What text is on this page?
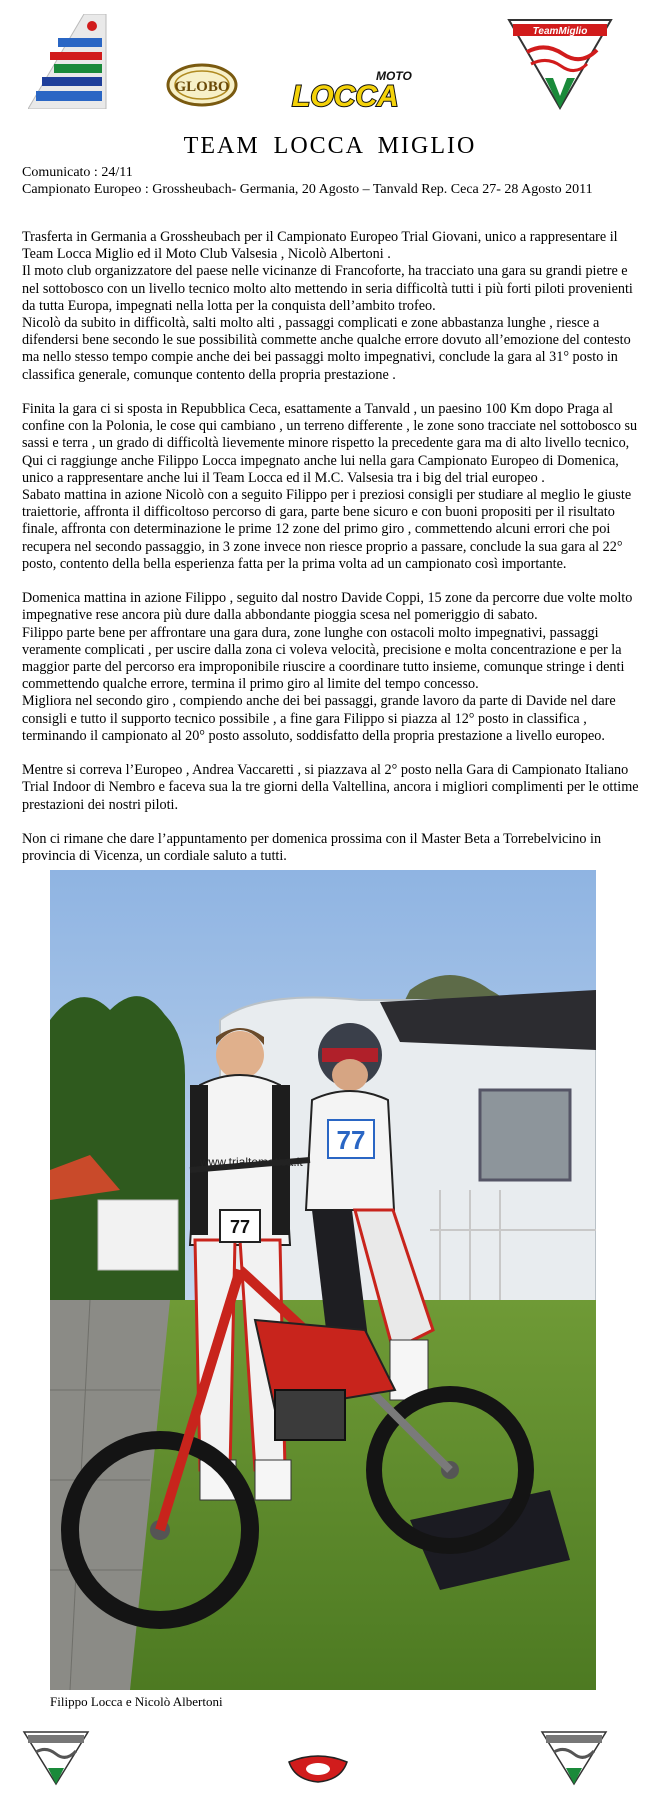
GLOBO
MOTO
LOCCA
TeamMiglio
TEAM LOCCA MIGLIO
Comunicato : 24/11
Campionato Europeo : Grossheubach- Germania, 20 Agosto – Tanvald Rep. Ceca 27- 28 Agosto 2011

Trasferta in Germania a Grossheubach per il Campionato Europeo Trial Giovani, unico a rappresentare il
Team Locca Miglio ed il Moto Club Valsesia , Nicolò Albertoni .
Il moto club organizzatore del paese nelle vicinanze di Francoforte, ha tracciato una gara su grandi pietre e
nel sottobosco con un livello tecnico molto alto mettendo in seria difficoltà tutti i più forti piloti provenienti
da tutta Europa, impegnati nella lotta per la conquista dell’ambito trofeo.
Nicolò da subito in difficoltà, salti molto alti , passaggi complicati e zone abbastanza lunghe , riesce a
difendersi bene secondo le sue possibilità commette anche qualche errore dovuto all’emozione del contesto
ma nello stesso tempo compie anche dei bei passaggi molto impegnativi, conclude la gara al 31° posto in
classifica generale, comunque contento della propria prestazione .

Finita la gara ci si sposta in Repubblica Ceca, esattamente a Tanvald , un paesino 100 Km dopo Praga al
confine con la Polonia, le cose qui cambiano , un terreno differente , le zone sono tracciate nel sottobosco su
sassi e terra , un grado di difficoltà lievemente minore rispetto la precedente gara ma di alto livello tecnico,
Qui ci raggiunge anche Filippo Locca impegnato anche lui nella gara Campionato Europeo di Domenica,
unico a rappresentare anche lui il Team Locca ed il M.C. Valsesia tra i big del trial europeo .
Sabato mattina in azione Nicolò con a seguito Filippo per i preziosi consigli per studiare al meglio le giuste
traiettorie, affronta il difficoltoso percorso di gara, parte bene sicuro e con buoni propositi per il risultato
finale, affronta con determinazione le prime 12 zone del primo giro , commettendo alcuni errori che poi
recupera nel secondo passaggio, in 3 zone invece non riesce proprio a passare, conclude la sua gara al 22°
posto, contento della bella esperienza fatta per la prima volta ad un campionato così importante.

Domenica mattina in azione Filippo , seguito dal nostro Davide Coppi, 15 zone da percorre due volte molto
impegnative rese ancora più dure dalla abbondante pioggia scesa nel pomeriggio di sabato.
Filippo parte bene per affrontare una gara dura, zone lunghe con ostacoli molto impegnativi, passaggi
veramente complicati , per uscire dalla zona ci voleva velocità, precisione e molta concentrazione e per la
maggior parte del percorso era improponibile riuscire a coordinare tutto insieme, comunque stringe i denti
commettendo qualche errore, termina il primo giro al limite del tempo concesso.
Migliora nel secondo giro , compiendo anche dei bei passaggi, grande lavoro da parte di Davide nel dare
consigli e tutto il supporto tecnico possibile , a fine gara Filippo si piazza al 12° posto in classifica ,
terminando il campionato al 20° posto assoluto, soddisfatto della propria prestazione a livello europeo.

Mentre si correva l’Europeo , Andrea Vaccaretti , si piazzava al 2° posto nella Gara di Campionato Italiano
Trial Indoor di Nembro e faceva sua la tre giorni della Valtellina, ancora i migliori complimenti per le ottime
prestazioni dei nostri piloti.

Non ci rimane che dare l’appuntamento per domenica prossima con il Master Beta a Torrebelvicino in
provincia di Vicenza, un cordiale saluto a tutti.

77
77
www.trialtematica.it
Filippo Locca e Nicolò Albertoni
